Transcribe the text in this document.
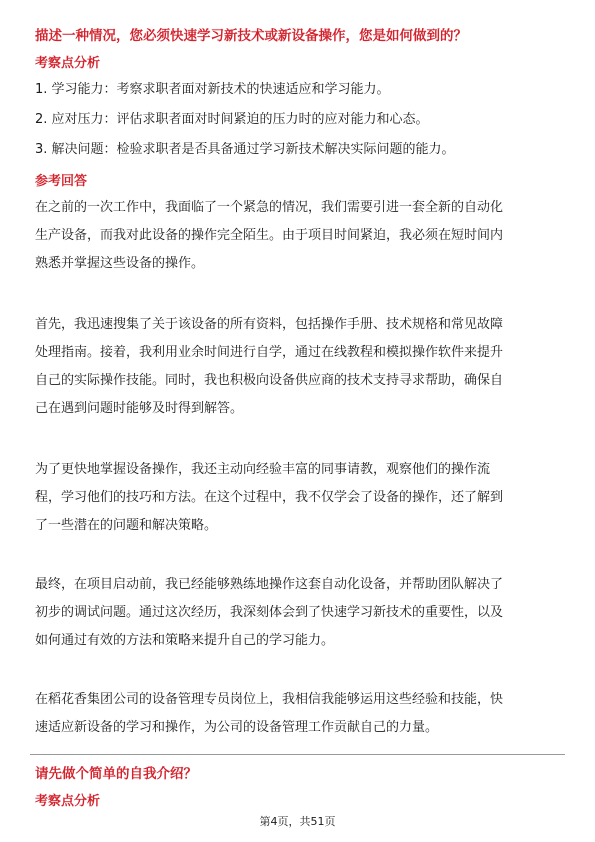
描述一种情况，您必须快速学习新技术或新设备操作，您是如何做到的？
考察点分析
1. 学习能力：考察求职者面对新技术的快速适应和学习能力。
2. 应对压力：评估求职者面对时间紧迫的压力时的应对能力和心态。
3. 解决问题：检验求职者是否具备通过学习新技术解决实际问题的能力。
参考回答
在之前的一次工作中，我面临了一个紧急的情况，我们需要引进一套全新的自动化
生产设备，而我对此设备的操作完全陌生。由于项目时间紧迫，我必须在短时间内
熟悉并掌握这些设备的操作。
首先，我迅速搜集了关于该设备的所有资料，包括操作手册、技术规格和常见故障
处理指南。接着，我利用业余时间进行自学，通过在线教程和模拟操作软件来提升
自己的实际操作技能。同时，我也积极向设备供应商的技术支持寻求帮助，确保自
己在遇到问题时能够及时得到解答。
为了更快地掌握设备操作，我还主动向经验丰富的同事请教，观察他们的操作流
程，学习他们的技巧和方法。在这个过程中，我不仅学会了设备的操作，还了解到
了一些潜在的问题和解决策略。
最终，在项目启动前，我已经能够熟练地操作这套自动化设备，并帮助团队解决了
初步的调试问题。通过这次经历，我深刻体会到了快速学习新技术的重要性，以及
如何通过有效的方法和策略来提升自己的学习能力。
在稻花香集团公司的设备管理专员岗位上，我相信我能够运用这些经验和技能，快
速适应新设备的学习和操作，为公司的设备管理工作贡献自己的力量。
请先做个简单的自我介绍？
考察点分析
第4页，共51页
